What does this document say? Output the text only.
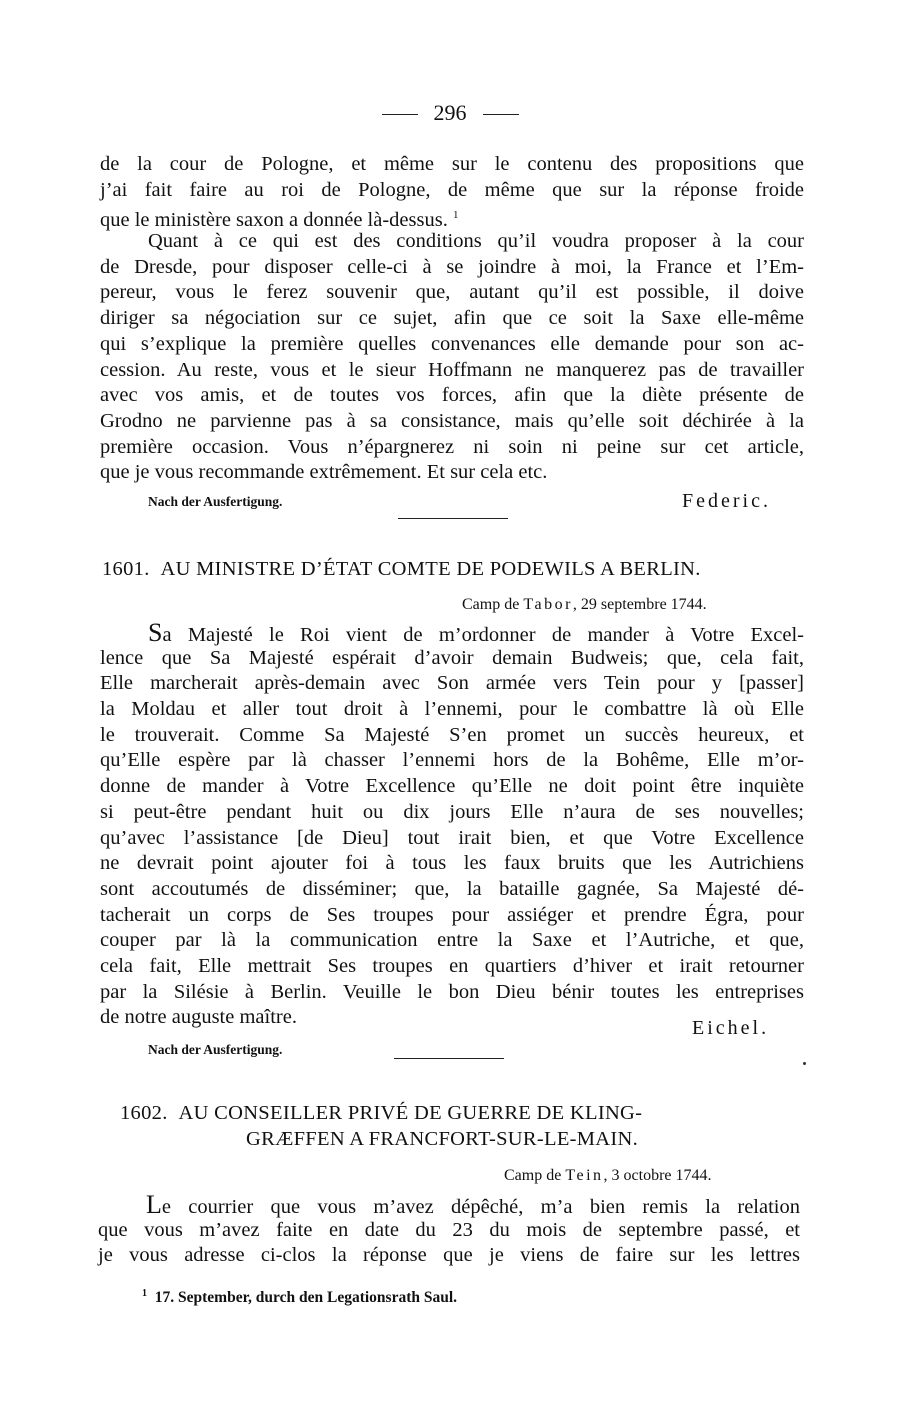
296
de la cour de Pologne, et même sur le contenu des propositions que
j’ai fait faire au roi de Pologne, de même que sur la réponse froide
que le ministère saxon a donnée là-dessus. $^1$
Quant à ce qui est des conditions qu’il voudra proposer à la cour
de Dresde, pour disposer celle-ci à se joindre à moi, la France et l’Em-
pereur, vous le ferez souvenir que, autant qu’il est possible, il doive
diriger sa négociation sur ce sujet, afin que ce soit la Saxe elle-même
qui s’explique la première quelles convenances elle demande pour son ac-
cession. Au reste, vous et le sieur Hoffmann ne manquerez pas de travailler
avec vos amis, et de toutes vos forces, afin que la diète présente de
Grodno ne parvienne pas à sa consistance, mais qu’elle soit déchirée à la
première occasion. Vous n’épargnerez ni soin ni peine sur cet article,
que je vous recommande extrêmement. Et sur cela etc.
Nach der Ausfertigung.	Federic.
1601. AU MINISTRE D’ÉTAT COMTE DE PODEWILS A BERLIN.
Camp de Tabor, 29 septembre 1744.
Sa Majesté le Roi vient de m’ordonner de mander à Votre Excel-
lence que Sa Majesté espérait d’avoir demain Budweis; que, cela fait,
Elle marcherait après-demain avec Son armée vers Tein pour y [passer]
la Moldau et aller tout droit à l’ennemi, pour le combattre là où Elle
le trouverait. Comme Sa Majesté S’en promet un succès heureux, et
qu’Elle espère par là chasser l’ennemi hors de la Bohême, Elle m’or-
donne de mander à Votre Excellence qu’Elle ne doit point être inquiète
si peut-être pendant huit ou dix jours Elle n’aura de ses nouvelles;
qu’avec l’assistance [de Dieu] tout irait bien, et que Votre Excellence
ne devrait point ajouter foi à tous les faux bruits que les Autrichiens
sont accoutumés de disséminer; que, la bataille gagnée, Sa Majesté dé-
tacherait un corps de Ses troupes pour assiéger et prendre Égra, pour
couper par là la communication entre la Saxe et l’Autriche, et que,
cela fait, Elle mettrait Ses troupes en quartiers d’hiver et irait retourner
par la Silésie à Berlin. Veuille le bon Dieu bénir toutes les entreprises
de notre auguste maître.	Eichel.
Nach der Ausfertigung.
1602. AU CONSEILLER PRIVÉ DE GUERRE DE KLING-
GRÆFFEN A FRANCFORT-SUR-LE-MAIN.
Camp de Tein, 3 octobre 1744.
Le courrier que vous m’avez dépêché, m’a bien remis la relation
que vous m’avez faite en date du 23 du mois de septembre passé, et
je vous adresse ci-clos la réponse que je viens de faire sur les lettres
$^1$ 17. September, durch den Legationsrath Saul.
